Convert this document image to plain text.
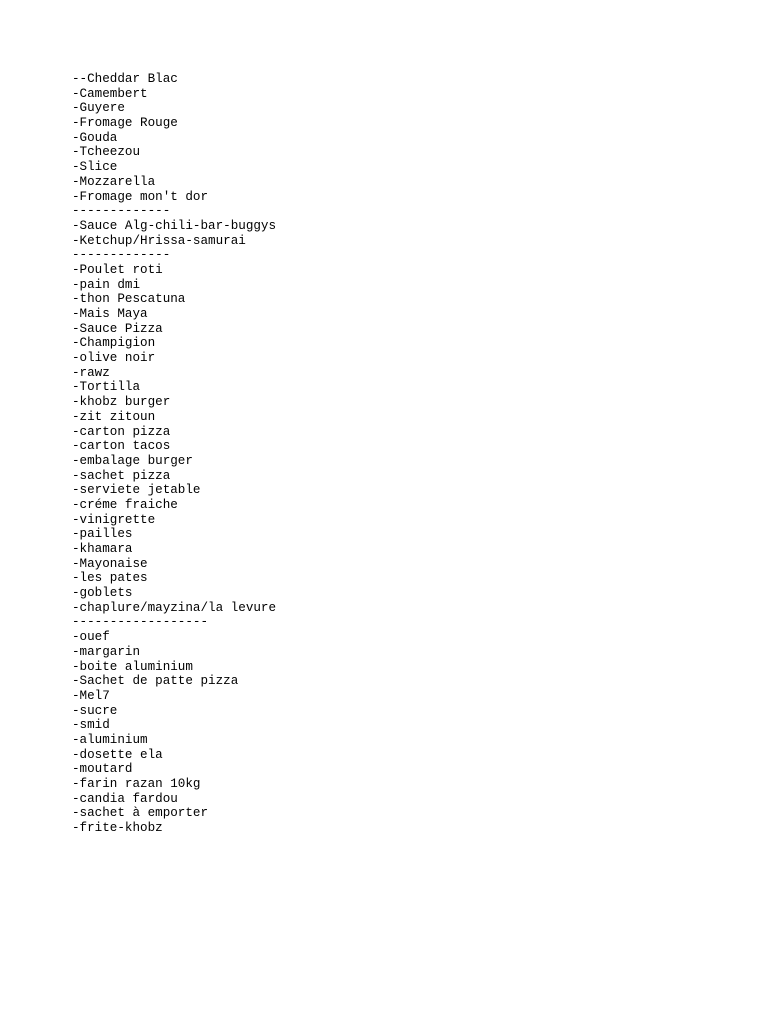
--Cheddar Blac
-Camembert
-Guyere
-Fromage Rouge
-Gouda
-Tcheezou
-Slice
-Mozzarella
-Fromage mon't dor
-------------
-Sauce Alg-chili-bar-buggys
-Ketchup/Hrissa-samurai
-------------
-Poulet roti
-pain dmi
-thon Pescatuna
-Mais Maya
-Sauce Pizza
-Champigion
-olive noir
-rawz
-Tortilla
-khobz burger
-zit zitoun
-carton pizza
-carton tacos
-embalage burger
-sachet pizza
-serviete jetable
-créme fraiche
-vinigrette
-pailles
-khamara
-Mayonaise
-les pates
-goblets
-chaplure/mayzina/la levure
------------------
-ouef
-margarin
-boite aluminium
-Sachet de patte pizza
-Mel7
-sucre
-smid
-aluminium
-dosette ela
-moutard
-farin razan 10kg
-candia fardou
-sachet à emporter
-frite-khobz
